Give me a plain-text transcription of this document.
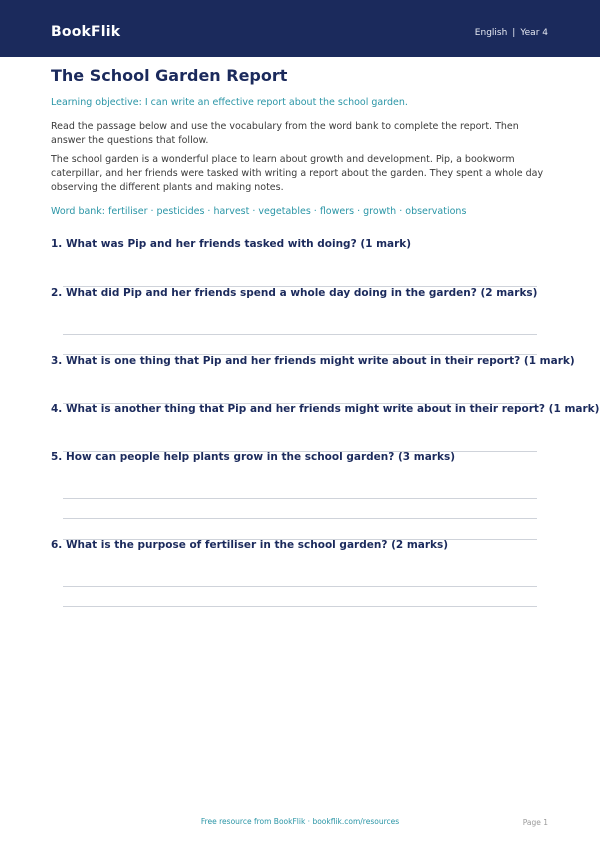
BookFlik	English | Year 4
The School Garden Report
Learning objective: I can write an effective report about the school garden.
Read the passage below and use the vocabulary from the word bank to complete the report. Then answer the questions that follow.
The school garden is a wonderful place to learn about growth and development. Pip, a bookworm caterpillar, and her friends were tasked with writing a report about the garden. They spent a whole day observing the different plants and making notes.
Word bank: fertiliser · pesticides · harvest · vegetables · flowers · growth · observations
1. What was Pip and her friends tasked with doing? (1 mark)
2. What did Pip and her friends spend a whole day doing in the garden? (2 marks)
3. What is one thing that Pip and her friends might write about in their report? (1 mark)
4. What is another thing that Pip and her friends might write about in their report? (1 mark)
5. How can people help plants grow in the school garden? (3 marks)
6. What is the purpose of fertiliser in the school garden? (2 marks)
Free resource from BookFlik · bookflik.com/resources	Page 1
